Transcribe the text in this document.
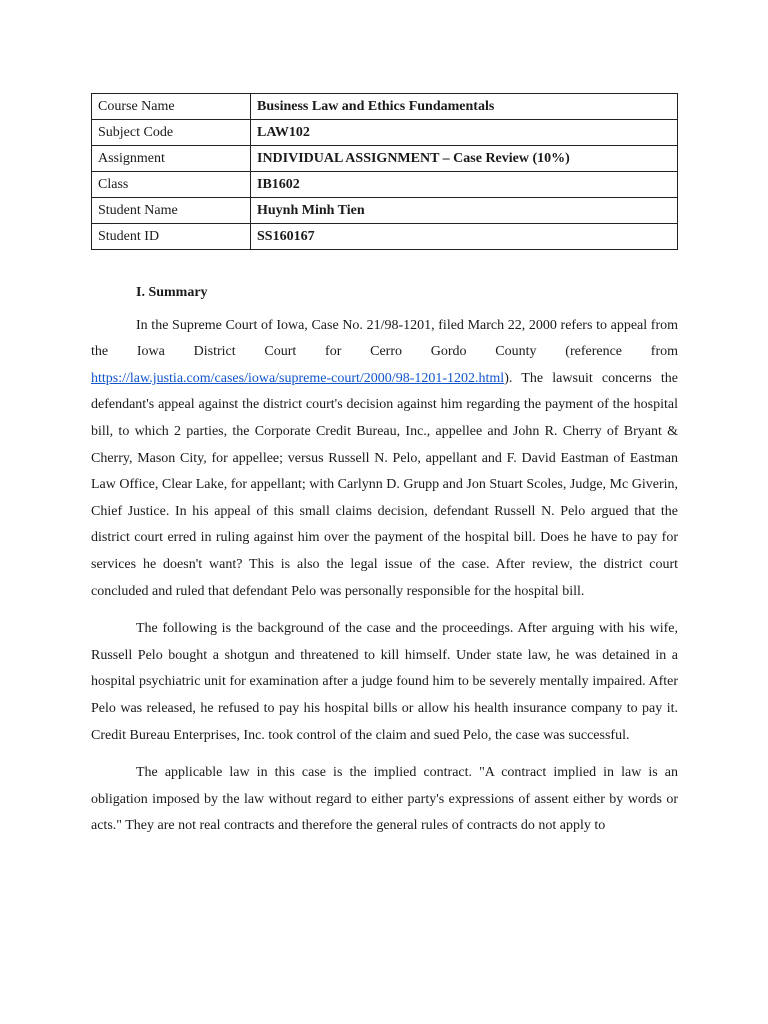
Course Name	Business Law and Ethics Fundamentals
Subject Code	LAW102
Assignment	INDIVIDUAL ASSIGNMENT – Case Review (10%)
Class	IB1602
Student Name	Huynh Minh Tien
Student ID	SS160167
I. Summary

In the Supreme Court of Iowa, Case No. 21/98-1201, filed March 22, 2000 refers to appeal from the Iowa District Court for Cerro Gordo County (reference from https://law.justia.com/cases/iowa/supreme-court/2000/98-1201-1202.html). The lawsuit concerns the defendant's appeal against the district court's decision against him regarding the payment of the hospital bill, to which 2 parties, the Corporate Credit Bureau, Inc., appellee and John R. Cherry of Bryant & Cherry, Mason City, for appellee; versus Russell N. Pelo, appellant and F. David Eastman of Eastman Law Office, Clear Lake, for appellant; with Carlynn D. Grupp and Jon Stuart Scoles, Judge, Mc Giverin, Chief Justice. In his appeal of this small claims decision, defendant Russell N. Pelo argued that the district court erred in ruling against him over the payment of the hospital bill. Does he have to pay for services he doesn't want? This is also the legal issue of the case. After review, the district court concluded and ruled that defendant Pelo was personally responsible for the hospital bill.

The following is the background of the case and the proceedings. After arguing with his wife, Russell Pelo bought a shotgun and threatened to kill himself. Under state law, he was detained in a hospital psychiatric unit for examination after a judge found him to be severely mentally impaired. After Pelo was released, he refused to pay his hospital bills or allow his health insurance company to pay it. Credit Bureau Enterprises, Inc. took control of the claim and sued Pelo, the case was successful.

The applicable law in this case is the implied contract. "A contract implied in law is an obligation imposed by the law without regard to either party's expressions of assent either by words or acts." They are not real contracts and therefore the general rules of contracts do not apply to
